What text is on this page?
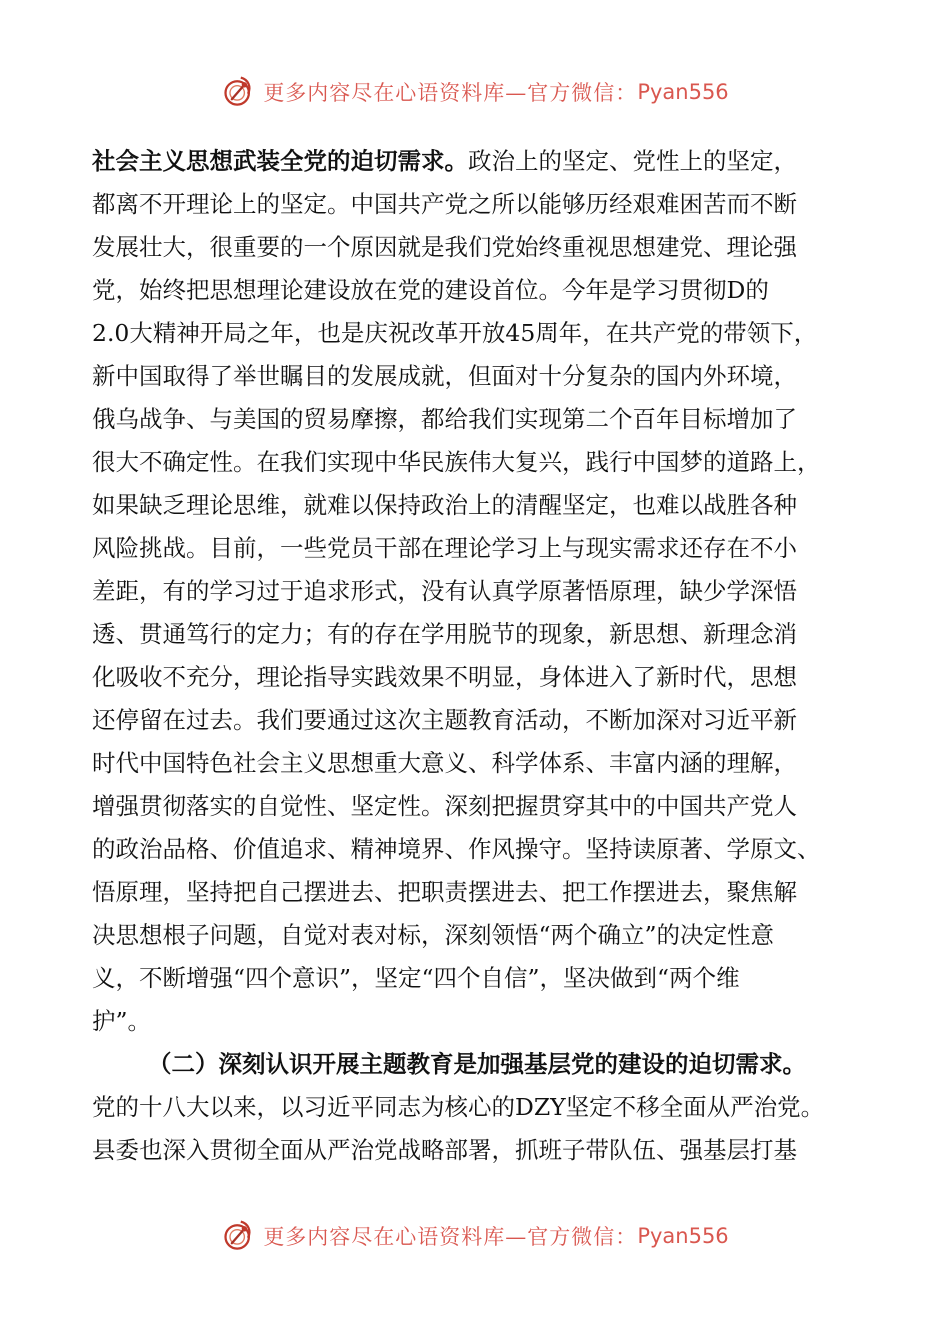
更多内容尽在心语资料库—官方微信： Pyan556
社会主义思想武装全党的迫切需求。政治上的坚定、党性上的坚定，
都离不开理论上的坚定。中国共产党之所以能够历经艰难困苦而不断
发展壮大，很重要的一个原因就是我们党始终重视思想建党、理论强
党，始终把思想理论建设放在党的建设首位。今年是学习贯彻D的
2.0大精神开局之年，也是庆祝改革开放45周年，在共产党的带领下，
新中国取得了举世瞩目的发展成就，但面对十分复杂的国内外环境，
俄乌战争、与美国的贸易摩擦，都给我们实现第二个百年目标增加了
很大不确定性。在我们实现中华民族伟大复兴，践行中国梦的道路上，
如果缺乏理论思维，就难以保持政治上的清醒坚定，也难以战胜各种
风险挑战。目前，一些党员干部在理论学习上与现实需求还存在不小
差距，有的学习过于追求形式，没有认真学原著悟原理，缺少学深悟
透、贯通笃行的定力；有的存在学用脱节的现象，新思想、新理念消
化吸收不充分，理论指导实践效果不明显，身体进入了新时代，思想
还停留在过去。我们要通过这次主题教育活动，不断加深对习近平新
时代中国特色社会主义思想重大意义、科学体系、丰富内涵的理解，
增强贯彻落实的自觉性、坚定性。深刻把握贯穿其中的中国共产党人
的政治品格、价值追求、精神境界、作风操守。坚持读原著、学原文、
悟原理，坚持把自己摆进去、把职责摆进去、把工作摆进去，聚焦解
决思想根子问题，自觉对表对标，深刻领悟“两个确立”的决定性意
义，不断增强“四个意识”，坚定“四个自信”，坚决做到“两个维
护”。
（二）深刻认识开展主题教育是加强基层党的建设的迫切需求。
党的十八大以来，以习近平同志为核心的DZY坚定不移全面从严治党。
县委也深入贯彻全面从严治党战略部署，抓班子带队伍、强基层打基
更多内容尽在心语资料库—官方微信： Pyan556
